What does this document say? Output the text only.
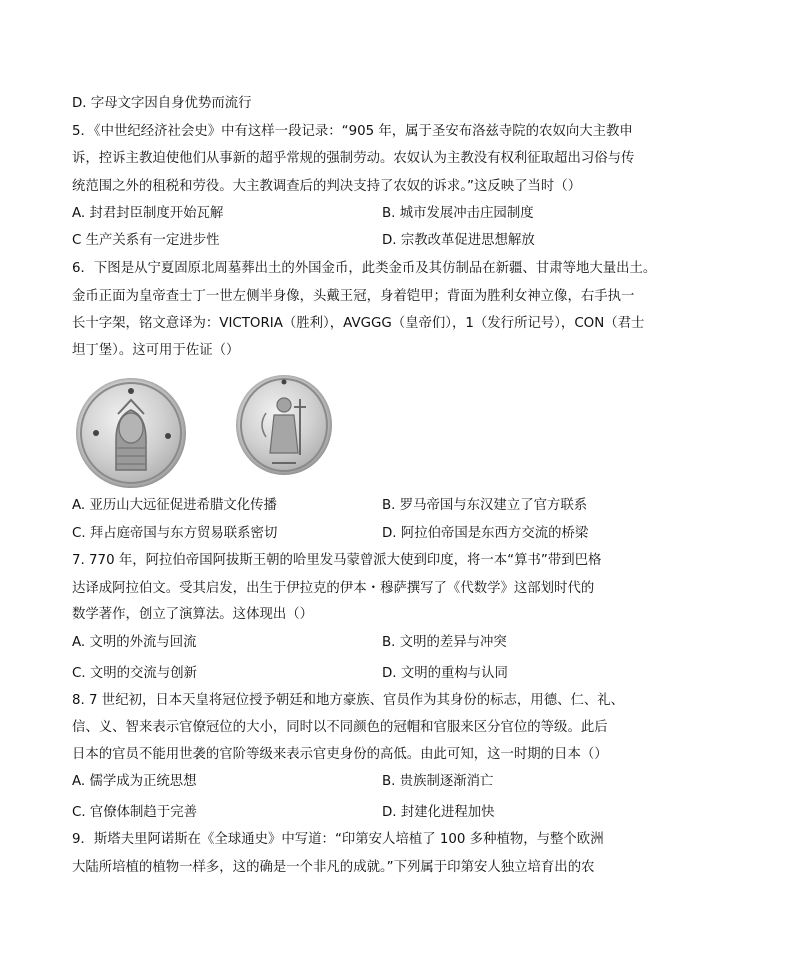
D. 字母文字因自身优势而流行
5．《中世纪经济社会史》中有这样一段记录：“905 年，属于圣安布洛兹寺院的农奴向大主教申
诉，控诉主教迫使他们从事新的超乎常规的强制劳动。农奴认为主教没有权利征取超出习俗与传
统范围之外的租税和劳役。大主教调查后的判决支持了农奴的诉求。”这反映了当时（）
A. 封君封臣制度开始瓦解	B. 城市发展冲击庄园制度
C 生产关系有一定进步性	D. 宗教改革促进思想解放
6．下图是从宁夏固原北周墓葬出土的外国金币，此类金币及其仿制品在新疆、甘肃等地大量出土。
金币正面为皇帝查士丁一世左侧半身像，头戴王冠，身着铠甲；背面为胜利女神立像，右手执一
长十字架，铭文意译为：VICTORIA（胜利），AVGGG（皇帝们），1（发行所记号），CON（君士
坦丁堡）。这可用于佐证（）
A. 亚历山大远征促进希腊文化传播	B. 罗马帝国与东汉建立了官方联系
C. 拜占庭帝国与东方贸易联系密切	D. 阿拉伯帝国是东西方交流的桥梁
7. 770 年，阿拉伯帝国阿拔斯王朝的哈里发马蒙曾派大使到印度，将一本“算书”带到巴格
达译成阿拉伯文。受其启发，出生于伊拉克的伊本・穆萨撰写了《代数学》这部划时代的
数学著作，创立了演算法。这体现出（）
A. 文明的外流与回流	B. 文明的差异与冲突
C. 文明的交流与创新	D. 文明的重构与认同
8. 7 世纪初，日本天皇将冠位授予朝廷和地方豪族、官员作为其身份的标志，用德、仁、礼、
信、义、智来表示官僚冠位的大小，同时以不同颜色的冠帽和官服来区分官位的等级。此后
日本的官员不能用世袭的官阶等级来表示官吏身份的高低。由此可知，这一时期的日本（）
A. 儒学成为正统思想	B. 贵族制逐渐消亡
C. 官僚体制趋于完善	D. 封建化进程加快
9．斯塔夫里阿诺斯在《全球通史》中写道：“印第安人培植了 100 多种植物，与整个欧洲
大陆所培植的植物一样多，这的确是一个非凡的成就。”下列属于印第安人独立培育出的农
